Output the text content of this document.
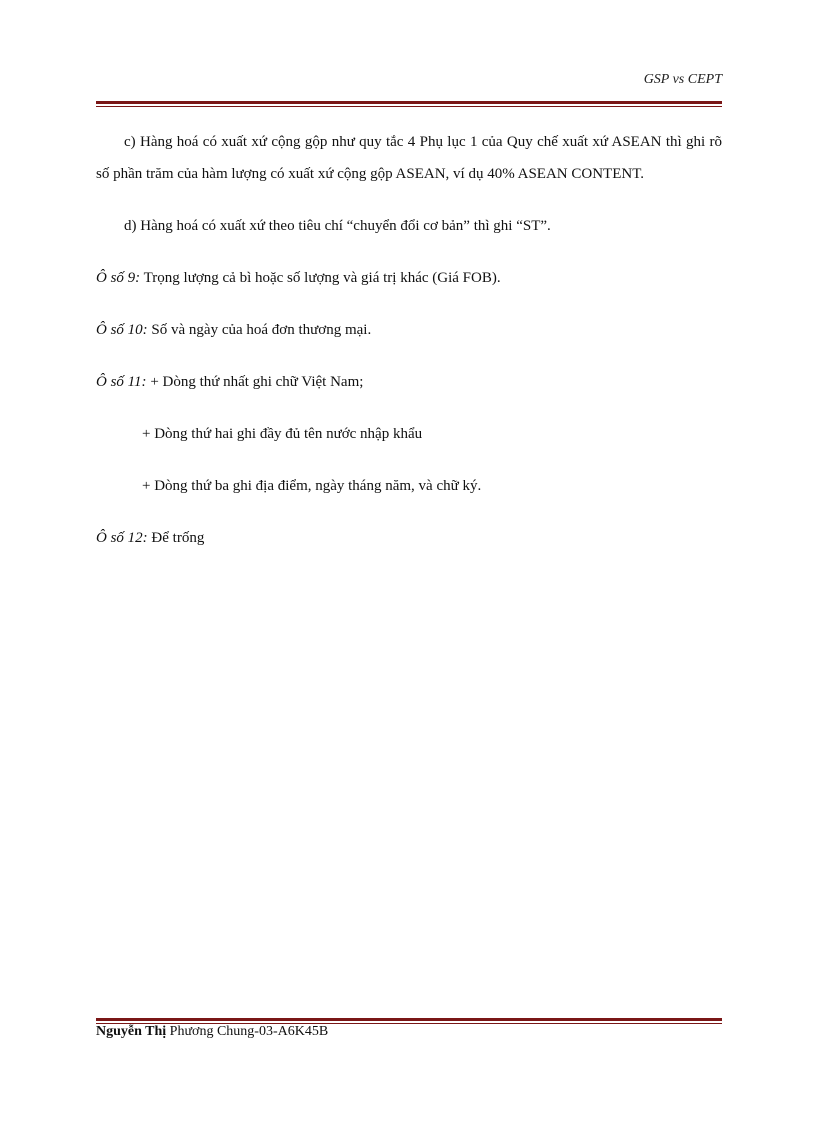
GSP vs CEPT

c) Hàng hoá có xuất xứ cộng gộp như quy tắc 4 Phụ lục 1 của Quy chế xuất xứ ASEAN thì ghi rõ số phần trăm của hàm lượng có xuất xứ cộng gộp ASEAN, ví dụ 40% ASEAN CONTENT.

d) Hàng hoá có xuất xứ theo tiêu chí “chuyển đổi cơ bản” thì ghi “ST”.

Ô số 9: Trọng lượng cả bì hoặc số lượng và giá trị khác (Giá FOB).

Ô số 10: Số và ngày của hoá đơn thương mại.

Ô số 11: + Dòng thứ nhất ghi chữ Việt Nam;

+ Dòng thứ hai ghi đầy đủ tên nước nhập khẩu

+ Dòng thứ ba ghi địa điểm, ngày tháng năm, và chữ ký.

Ô số 12: Để trống

Nguyễn Thị Phương Chung-03-A6K45B
